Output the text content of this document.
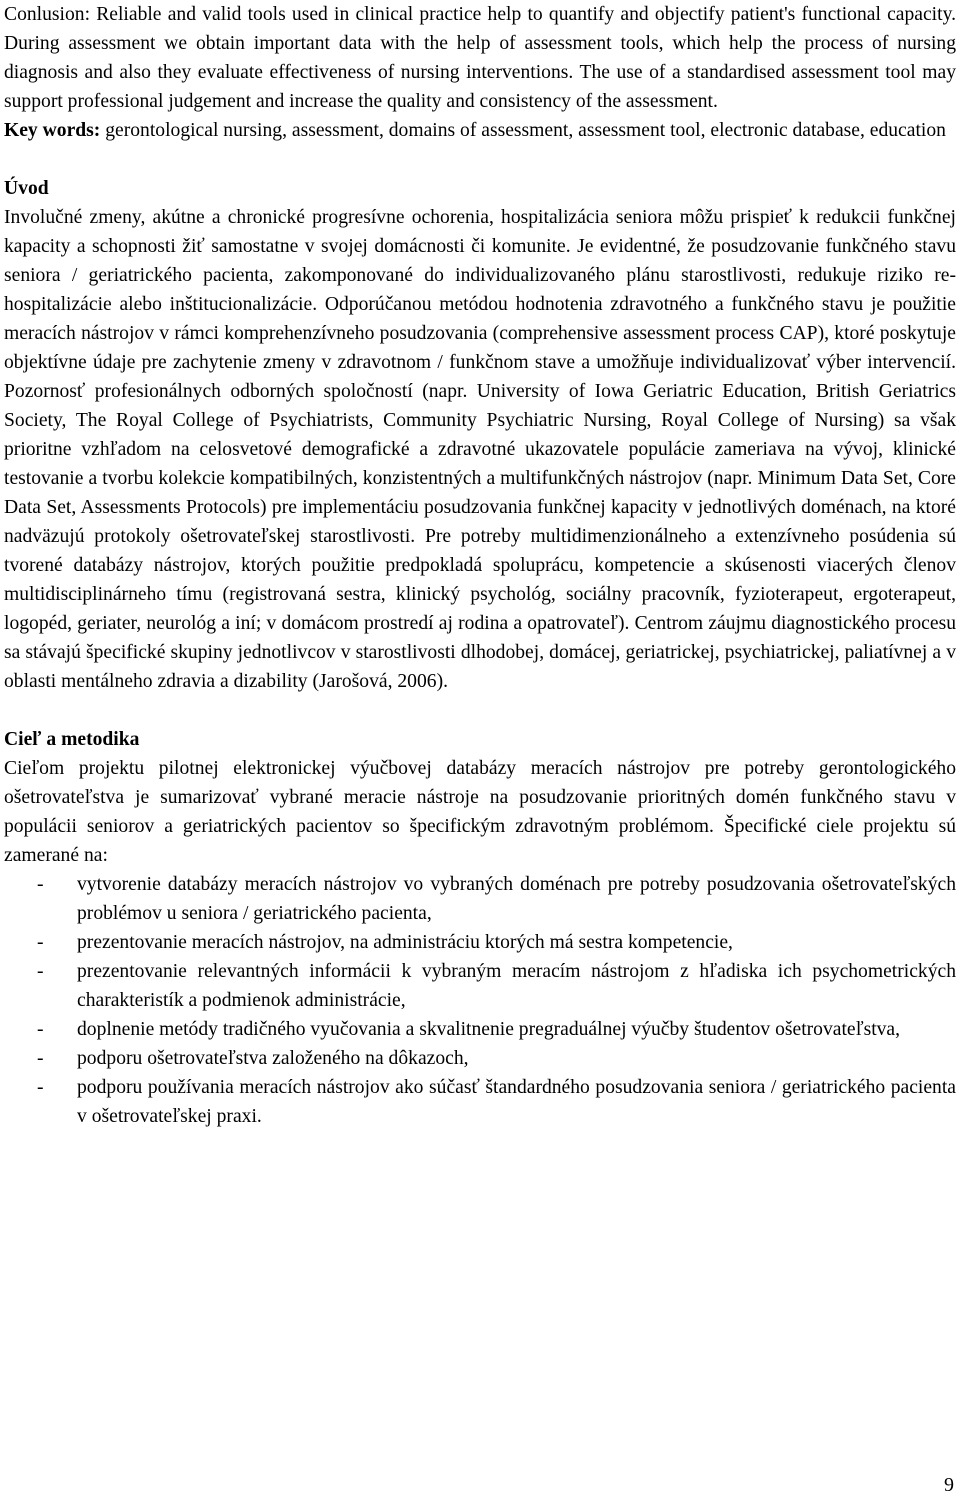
Conlusion: Reliable and valid tools used in clinical practice help to quantify and objectify patient's functional capacity. During assessment we obtain important data with the help of assessment tools, which help the process of nursing diagnosis and also they evaluate effectiveness of nursing interventions. The use of a standardised assessment tool may support professional judgement and increase the quality and consistency of the assessment.

Key words: gerontological nursing, assessment, domains of assessment, assessment tool, electronic database, education

Úvod

Involučné zmeny, akútne a chronické progresívne ochorenia, hospitalizácia seniora môžu prispieť k redukcii funkčnej kapacity a schopnosti žiť samostatne v svojej domácnosti či komunite. Je evidentné, že posudzovanie funkčného stavu seniora / geriatrického pacienta, zakomponované do individualizovaného plánu starostlivosti, redukuje riziko re-hospitalizácie alebo inštitucionalizácie. Odporúčanou metódou hodnotenia zdravotného a funkčného stavu je použitie meracích nástrojov v rámci komprehenzívneho posudzovania (comprehensive assessment process CAP), ktoré poskytuje objektívne údaje pre zachytenie zmeny v zdravotnom / funkčnom stave a umožňuje individualizovať výber intervencií. Pozornosť profesionálnych odborných spoločností (napr. University of Iowa Geriatric Education, British Geriatrics Society, The Royal College of Psychiatrists, Community Psychiatric Nursing, Royal College of Nursing) sa však prioritne vzhľadom na celosvetové demografické a zdravotné ukazovatele populácie zameriava na vývoj, klinické testovanie a tvorbu kolekcie kompatibilných, konzistentných a multifunkčných nástrojov (napr. Minimum Data Set, Core Data Set, Assessments Protocols) pre implementáciu posudzovania funkčnej kapacity v jednotlivých doménach, na ktoré nadväzujú protokoly ošetrovateľskej starostlivosti. Pre potreby multidimenzionálneho a extenzívneho posúdenia sú tvorené databázy nástrojov, ktorých použitie predpokladá spoluprácu, kompetencie a skúsenosti viacerých členov multidisciplinárneho tímu (registrovaná sestra, klinický psychológ, sociálny pracovník, fyzioterapeut, ergoterapeut, logopéd, geriater, neurológ a iní; v domácom prostredí aj rodina a opatrovateľ). Centrom záujmu diagnostického procesu sa stávajú špecifické skupiny jednotlivcov v starostlivosti dlhodobej, domácej, geriatrickej, psychiatrickej, paliatívnej a v oblasti mentálneho zdravia a dizability (Jarošová, 2006).

Cieľ a metodika

Cieľom projektu pilotnej elektronickej výučbovej databázy meracích nástrojov pre potreby gerontologického ošetrovateľstva je sumarizovať vybrané meracie nástroje na posudzovanie prioritných domén funkčného stavu v populácii seniorov a geriatrických pacientov so špecifickým zdravotným problémom. Špecifické ciele projektu sú zamerané na:

- vytvorenie databázy meracích nástrojov vo vybraných doménach pre potreby posudzovania ošetrovateľských problémov u seniora / geriatrického pacienta,
- prezentovanie meracích nástrojov, na administráciu ktorých má sestra kompetencie,
- prezentovanie relevantných informácii k vybraným meracím nástrojom z hľadiska ich psychometrických charakteristík a podmienok administrácie,
- doplnenie metódy tradičného vyučovania a skvalitnenie pregraduálnej výučby študentov ošetrovateľstva,
- podporu ošetrovateľstva založeného na dôkazoch,
- podporu používania meracích nástrojov ako súčasť štandardného posudzovania seniora / geriatrického pacienta v ošetrovateľskej praxi.
9
